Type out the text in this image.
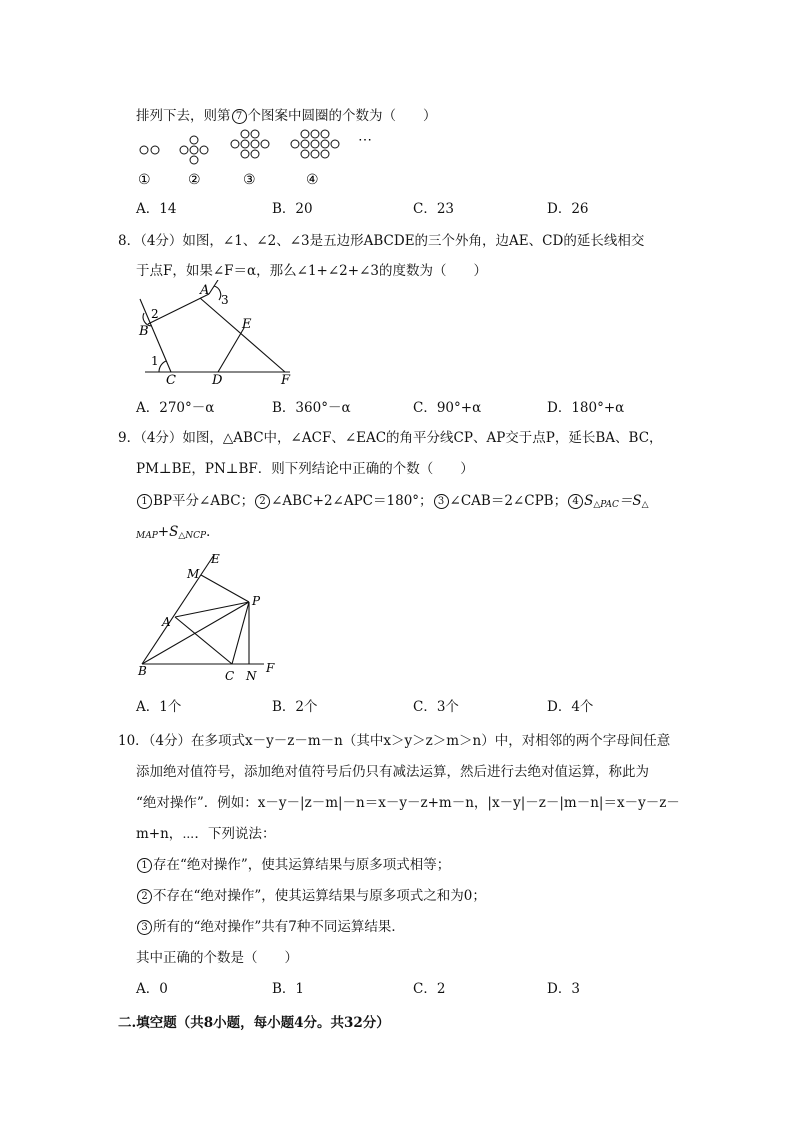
排列下去，则第 7 个图案中圆圈的个数为（　　）
⋯
①	②	③	④
A．14	B．20	C．23	D．26
8．（4分）如图，∠1、∠2、∠3是五边形ABCDE的三个外角，边AE、CD的延长线相交
于点F，如果∠F＝α，那么∠1+∠2+∠3的度数为（　　）
A
B
C	D
E
F
1
2
3
A．270°－α	B．360°－α	C．90°+α	D．180°+α
9．（4分）如图，△ABC中，∠ACF、∠EAC的角平分线CP、AP交于点P，延长BA、BC，
PM⊥BE，PN⊥BF．则下列结论中正确的个数（　　）
1 BP平分∠ABC； 2 ∠ABC+2∠APC＝180°； 3 ∠CAB＝2∠CPB； 4 $S_{\triangle PAC}=S_\triangle$
$_{MAP}+S_{\triangle NCP}$．
E
M
P
A
B	C N
F
A．1个	B．2个	C．3个	D．4个
10．（4分）在多项式x－y－z－m－n（其中x＞y＞z＞m＞n）中，对相邻的两个字母间任意
添加绝对值符号，添加绝对值符号后仍只有减法运算，然后进行去绝对值运算，称此为
“绝对操作”．例如：x－y－|z－m|－n＝x－y－z+m－n，|x－y|－z－|m－n|＝x－y－z－
m+n，⋯．下列说法：
1 存在“绝对操作”，使其运算结果与原多项式相等；
2 不存在“绝对操作”，使其运算结果与原多项式之和为0；
3 所有的“绝对操作”共有7种不同运算结果．
其中正确的个数是（　　）
A．0	B．1	C．2	D．3
二.填空题（共8小题，每小题4分。共32分）
